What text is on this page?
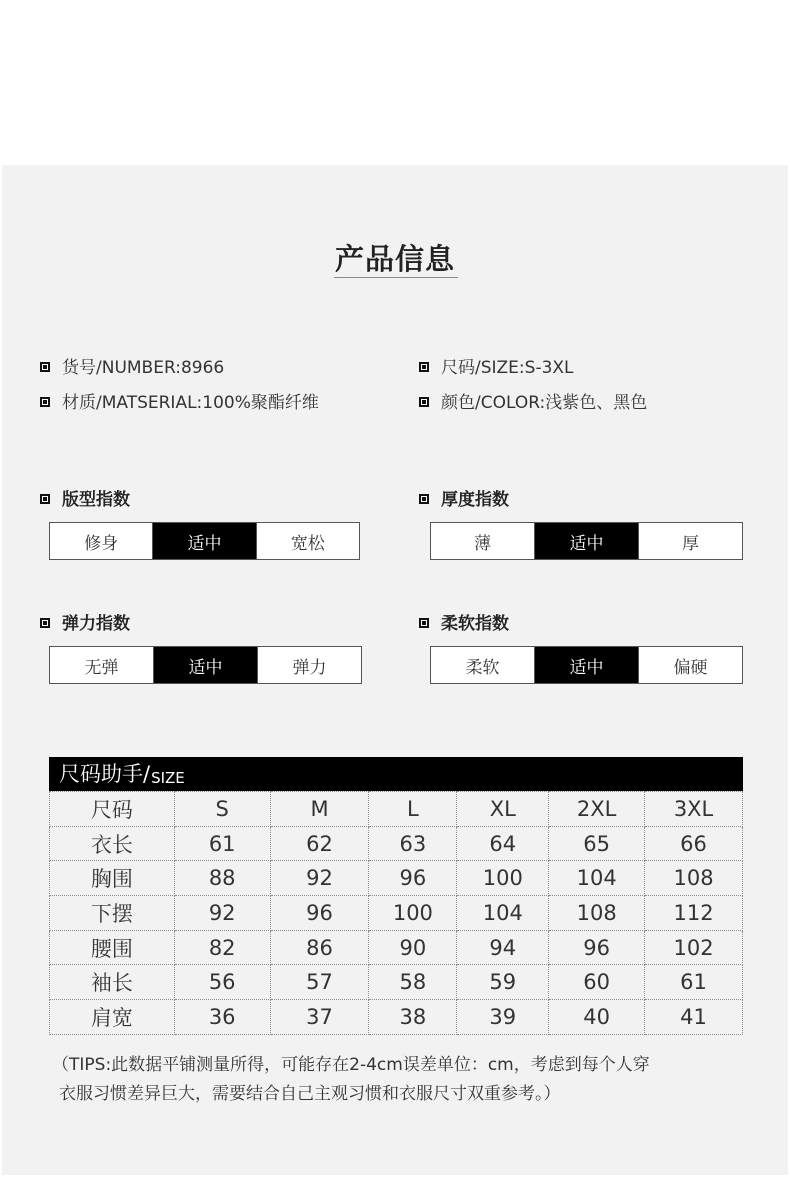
产品信息
货号/NUMBER:8966
材质/MATSERIAL:100%聚酯纤维
尺码/SIZE:S-3XL
颜色/COLOR:浅紫色、黑色
版型指数
修身	适中	宽松
厚度指数
薄	适中	厚
弹力指数
无弹	适中	弹力
柔软指数
柔软	适中	偏硬
尺码助手/ SIZE
尺码	S	M	L	XL	2XL	3XL
衣长	61	62	63	64	65	66
胸围	88	92	96	100	104	108
下摆	92	96	100	104	108	112
腰围	82	86	90	94	96	102
袖长	56	57	58	59	60	61
肩宽	36	37	38	39	40	41
（TIPS:此数据平铺测量所得，可能存在2-4cm误差单位：cm，考虑到每个人穿
衣服习惯差异巨大，需要结合自己主观习惯和衣服尺寸双重参考。）
